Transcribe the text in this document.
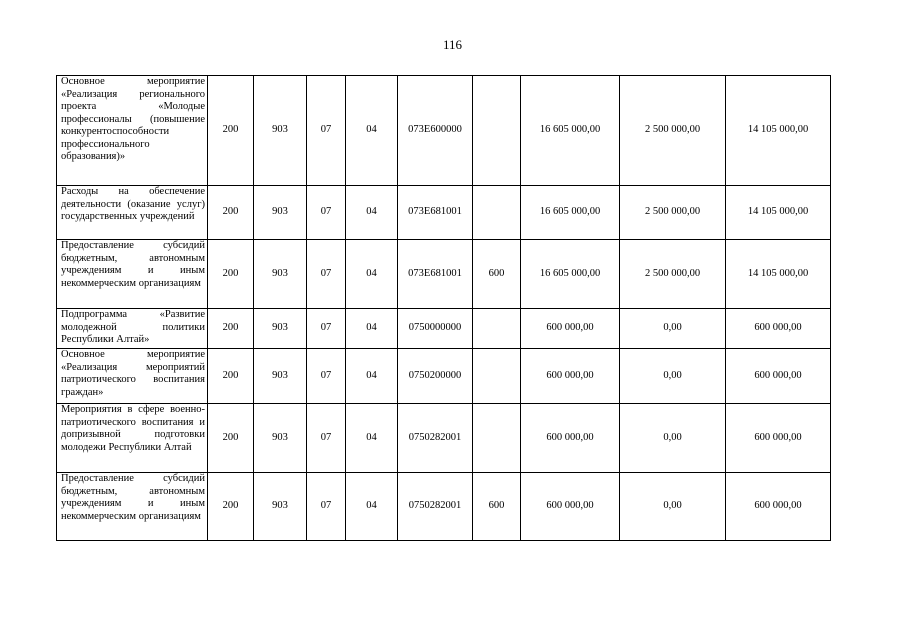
116
Основное мероприятие «Реализация регионального проекта «Молодые профессионалы (повышение конкурентоспособности профессионального образования)»	200	903	07	04	073E600000		16 605 000,00	2 500 000,00	14 105 000,00
Расходы на обеспечение деятельности (оказание услуг) государственных учреждений	200	903	07	04	073E681001		16 605 000,00	2 500 000,00	14 105 000,00
Предоставление субсидий бюджетным, автономным учреждениям и иным некоммерческим организациям	200	903	07	04	073E681001	600	16 605 000,00	2 500 000,00	14 105 000,00
Подпрограмма «Развитие молодежной политики Республики Алтай»	200	903	07	04	0750000000		600 000,00	0,00	600 000,00
Основное мероприятие «Реализация мероприятий патриотического воспитания граждан»	200	903	07	04	0750200000		600 000,00	0,00	600 000,00
Мероприятия в сфере военно-патриотического воспитания и допризывной подготовки молодежи Республики Алтай	200	903	07	04	0750282001		600 000,00	0,00	600 000,00
Предоставление субсидий бюджетным, автономным учреждениям и иным некоммерческим организациям	200	903	07	04	0750282001	600	600 000,00	0,00	600 000,00
